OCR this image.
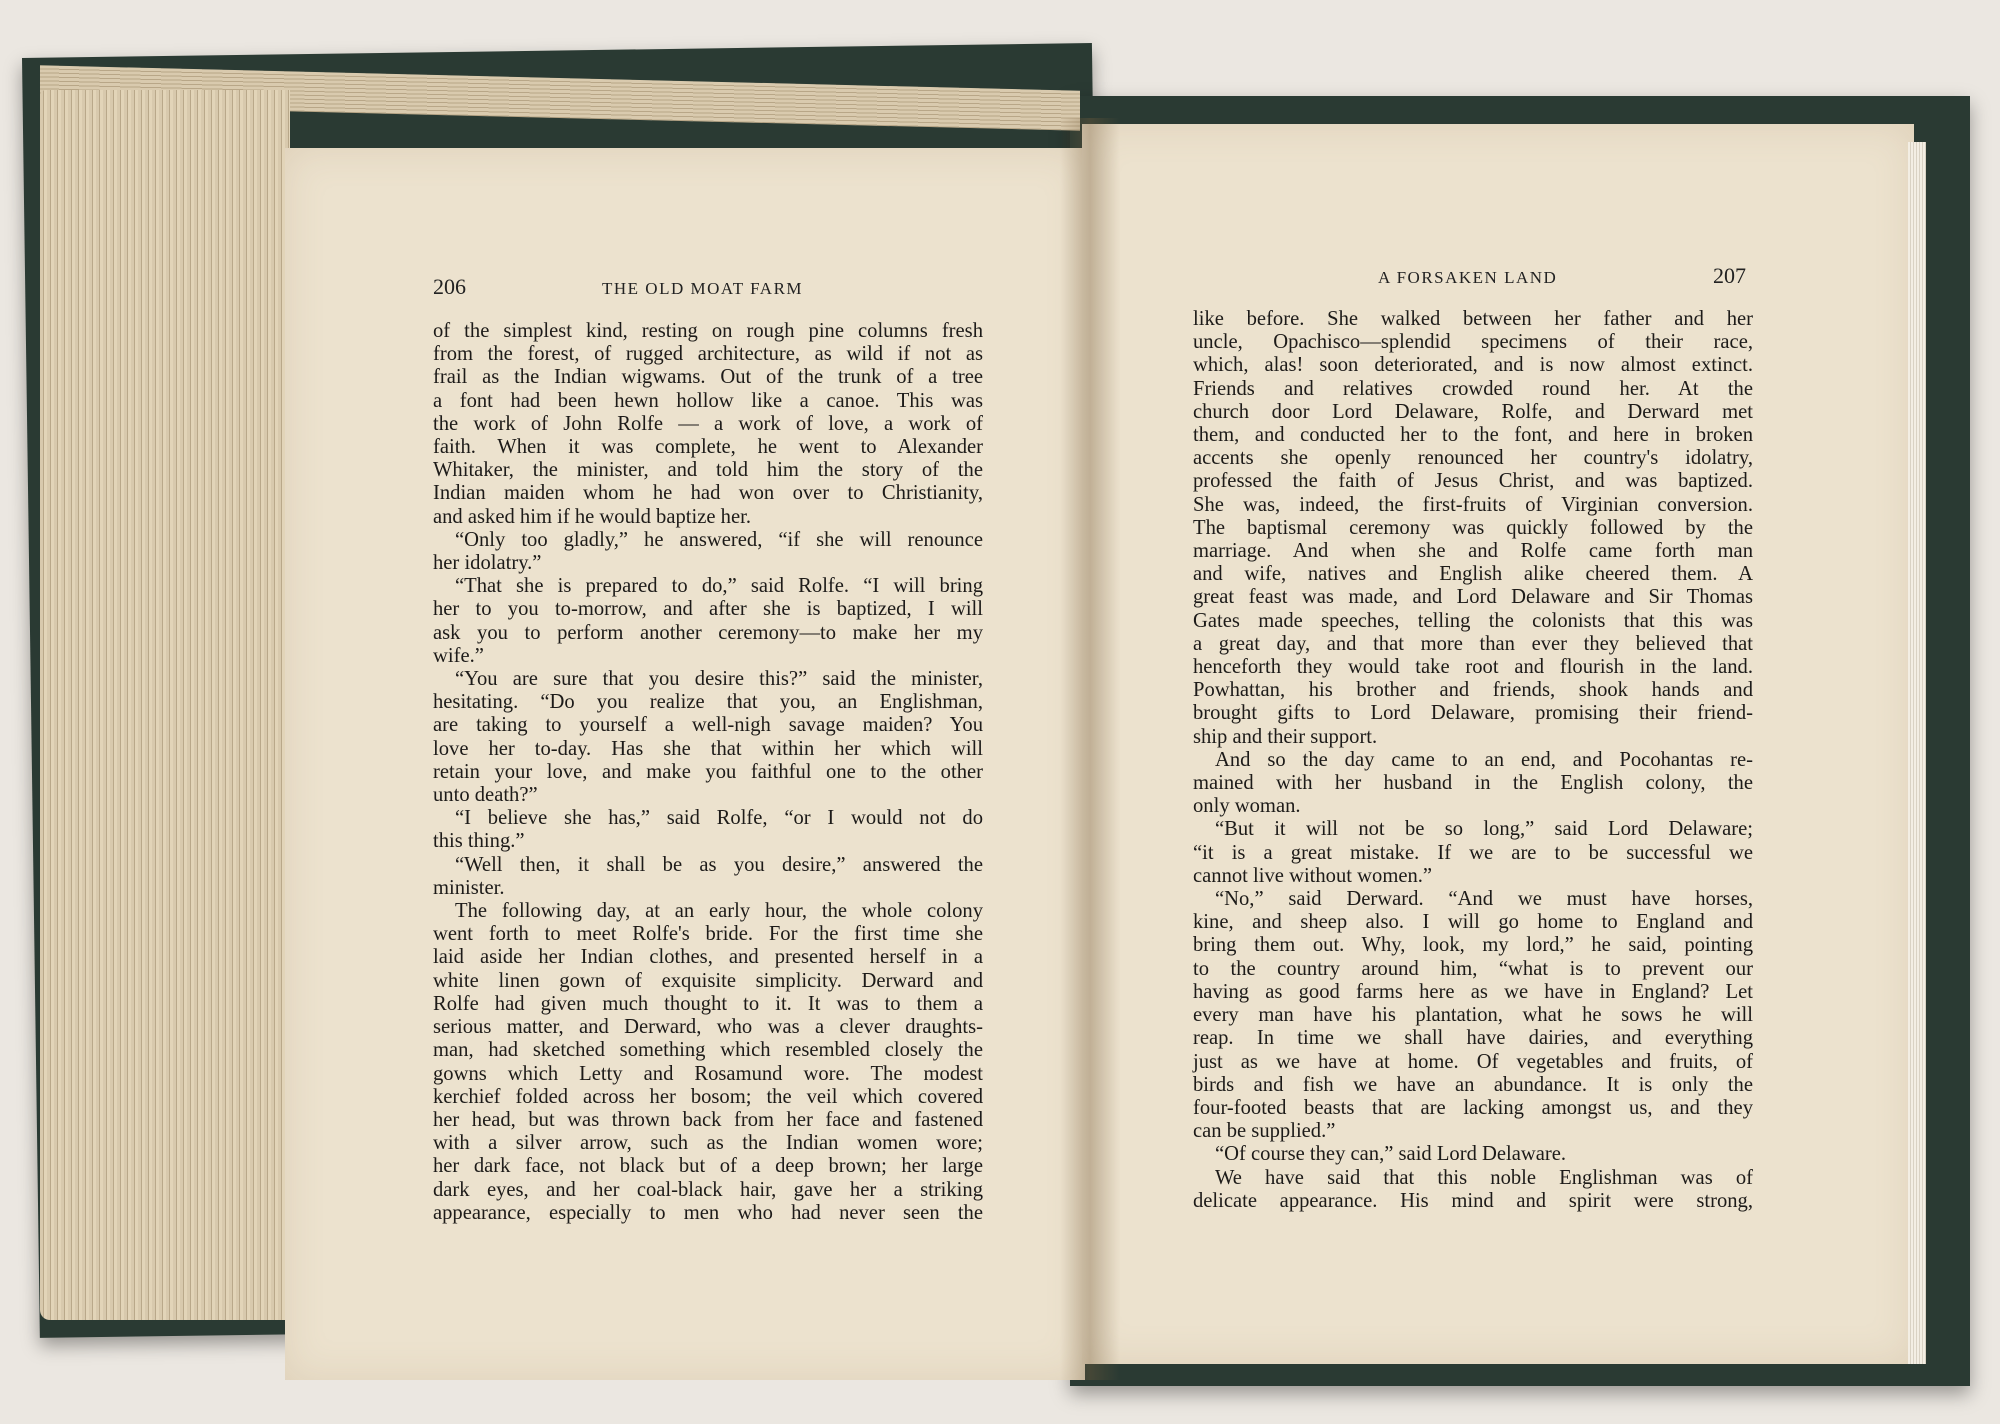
206	THE OLD MOAT FARM
A FORSAKEN LAND	207
of the simplest kind, resting on rough pine columns fresh
from the forest, of rugged architecture, as wild if not as
frail as the Indian wigwams. Out of the trunk of a tree
a font had been hewn hollow like a canoe. This was
the work of John Rolfe — a work of love, a work of
faith. When it was complete, he went to Alexander
Whitaker, the minister, and told him the story of the
Indian maiden whom he had won over to Christianity,
and asked him if he would baptize her.
“Only too gladly,” he answered, “if she will renounce
her idolatry.”
“That she is prepared to do,” said Rolfe. “I will bring
her to you to-morrow, and after she is baptized, I will
ask you to perform another ceremony—to make her my
wife.”
“You are sure that you desire this?” said the minister,
hesitating. “Do you realize that you, an Englishman,
are taking to yourself a well-nigh savage maiden? You
love her to-day. Has she that within her which will
retain your love, and make you faithful one to the other
unto death?”
“I believe she has,” said Rolfe, “or I would not do
this thing.”
“Well then, it shall be as you desire,” answered the
minister.
The following day, at an early hour, the whole colony
went forth to meet Rolfe's bride. For the first time she
laid aside her Indian clothes, and presented herself in a
white linen gown of exquisite simplicity. Derward and
Rolfe had given much thought to it. It was to them a
serious matter, and Derward, who was a clever draughts-
man, had sketched something which resembled closely the
gowns which Letty and Rosamund wore. The modest
kerchief folded across her bosom; the veil which covered
her head, but was thrown back from her face and fastened
with a silver arrow, such as the Indian women wore;
her dark face, not black but of a deep brown; her large
dark eyes, and her coal-black hair, gave her a striking
appearance, especially to men who had never seen the
like before. She walked between her father and her
uncle, Opachisco—splendid specimens of their race,
which, alas! soon deteriorated, and is now almost extinct.
Friends and relatives crowded round her. At the
church door Lord Delaware, Rolfe, and Derward met
them, and conducted her to the font, and here in broken
accents she openly renounced her country's idolatry,
professed the faith of Jesus Christ, and was baptized.
She was, indeed, the first-fruits of Virginian conversion.
The baptismal ceremony was quickly followed by the
marriage. And when she and Rolfe came forth man
and wife, natives and English alike cheered them. A
great feast was made, and Lord Delaware and Sir Thomas
Gates made speeches, telling the colonists that this was
a great day, and that more than ever they believed that
henceforth they would take root and flourish in the land.
Powhattan, his brother and friends, shook hands and
brought gifts to Lord Delaware, promising their friend-
ship and their support.
And so the day came to an end, and Pocohantas re-
mained with her husband in the English colony, the
only woman.
“But it will not be so long,” said Lord Delaware;
“it is a great mistake. If we are to be successful we
cannot live without women.”
“No,” said Derward. “And we must have horses,
kine, and sheep also. I will go home to England and
bring them out. Why, look, my lord,” he said, pointing
to the country around him, “what is to prevent our
having as good farms here as we have in England? Let
every man have his plantation, what he sows he will
reap. In time we shall have dairies, and everything
just as we have at home. Of vegetables and fruits, of
birds and fish we have an abundance. It is only the
four-footed beasts that are lacking amongst us, and they
can be supplied.”
“Of course they can,” said Lord Delaware.
We have said that this noble Englishman was of
delicate appearance. His mind and spirit were strong,
